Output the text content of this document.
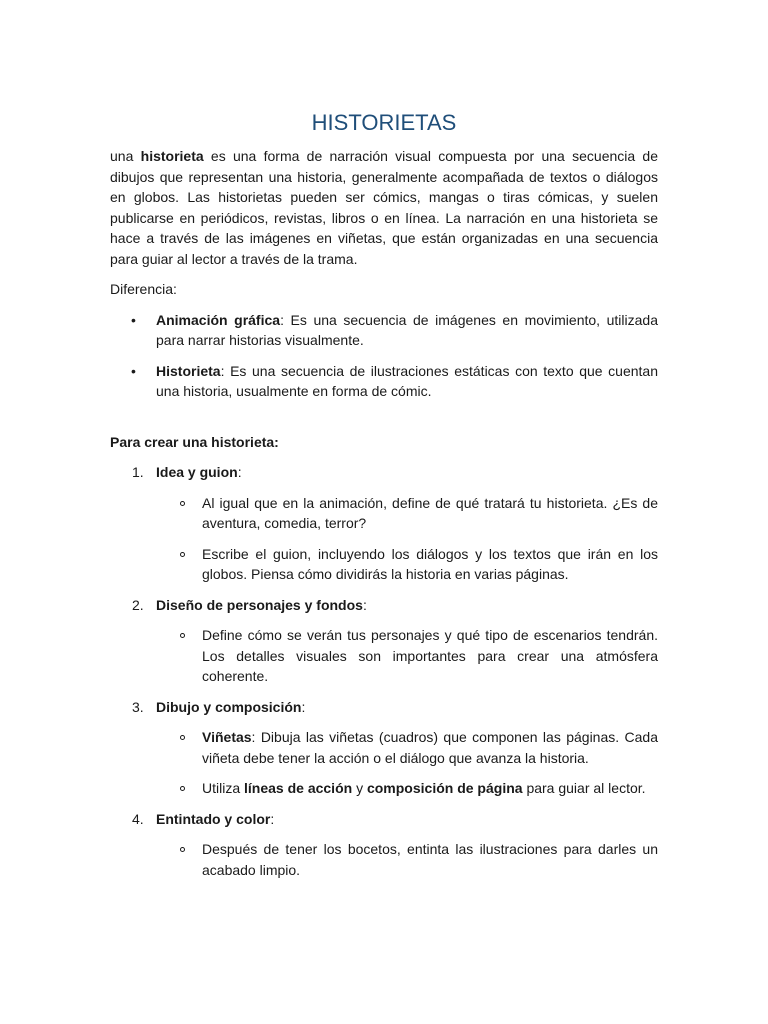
HISTORIETAS

una historieta es una forma de narración visual compuesta por una secuencia de dibujos que representan una historia, generalmente acompañada de textos o diálogos en globos. Las historietas pueden ser cómics, mangas o tiras cómicas, y suelen publicarse en periódicos, revistas, libros o en línea. La narración en una historieta se hace a través de las imágenes en viñetas, que están organizadas en una secuencia para guiar al lector a través de la trama.

Diferencia:

• Animación gráfica: Es una secuencia de imágenes en movimiento, utilizada para narrar historias visualmente.
• Historieta: Es una secuencia de ilustraciones estáticas con texto que cuentan una historia, usualmente en forma de cómic.
Para crear una historieta:
1. Idea y guion:
Al igual que en la animación, define de qué tratará tu historieta. ¿Es de aventura, comedia, terror?
Escribe el guion, incluyendo los diálogos y los textos que irán en los globos. Piensa cómo dividirás la historia en varias páginas.
2. Diseño de personajes y fondos:
Define cómo se verán tus personajes y qué tipo de escenarios tendrán. Los detalles visuales son importantes para crear una atmósfera coherente.
3. Dibujo y composición:
Viñetas: Dibuja las viñetas (cuadros) que componen las páginas. Cada viñeta debe tener la acción o el diálogo que avanza la historia.
Utiliza líneas de acción y composición de página para guiar al lector.
4. Entintado y color:
Después de tener los bocetos, entinta las ilustraciones para darles un acabado limpio.
